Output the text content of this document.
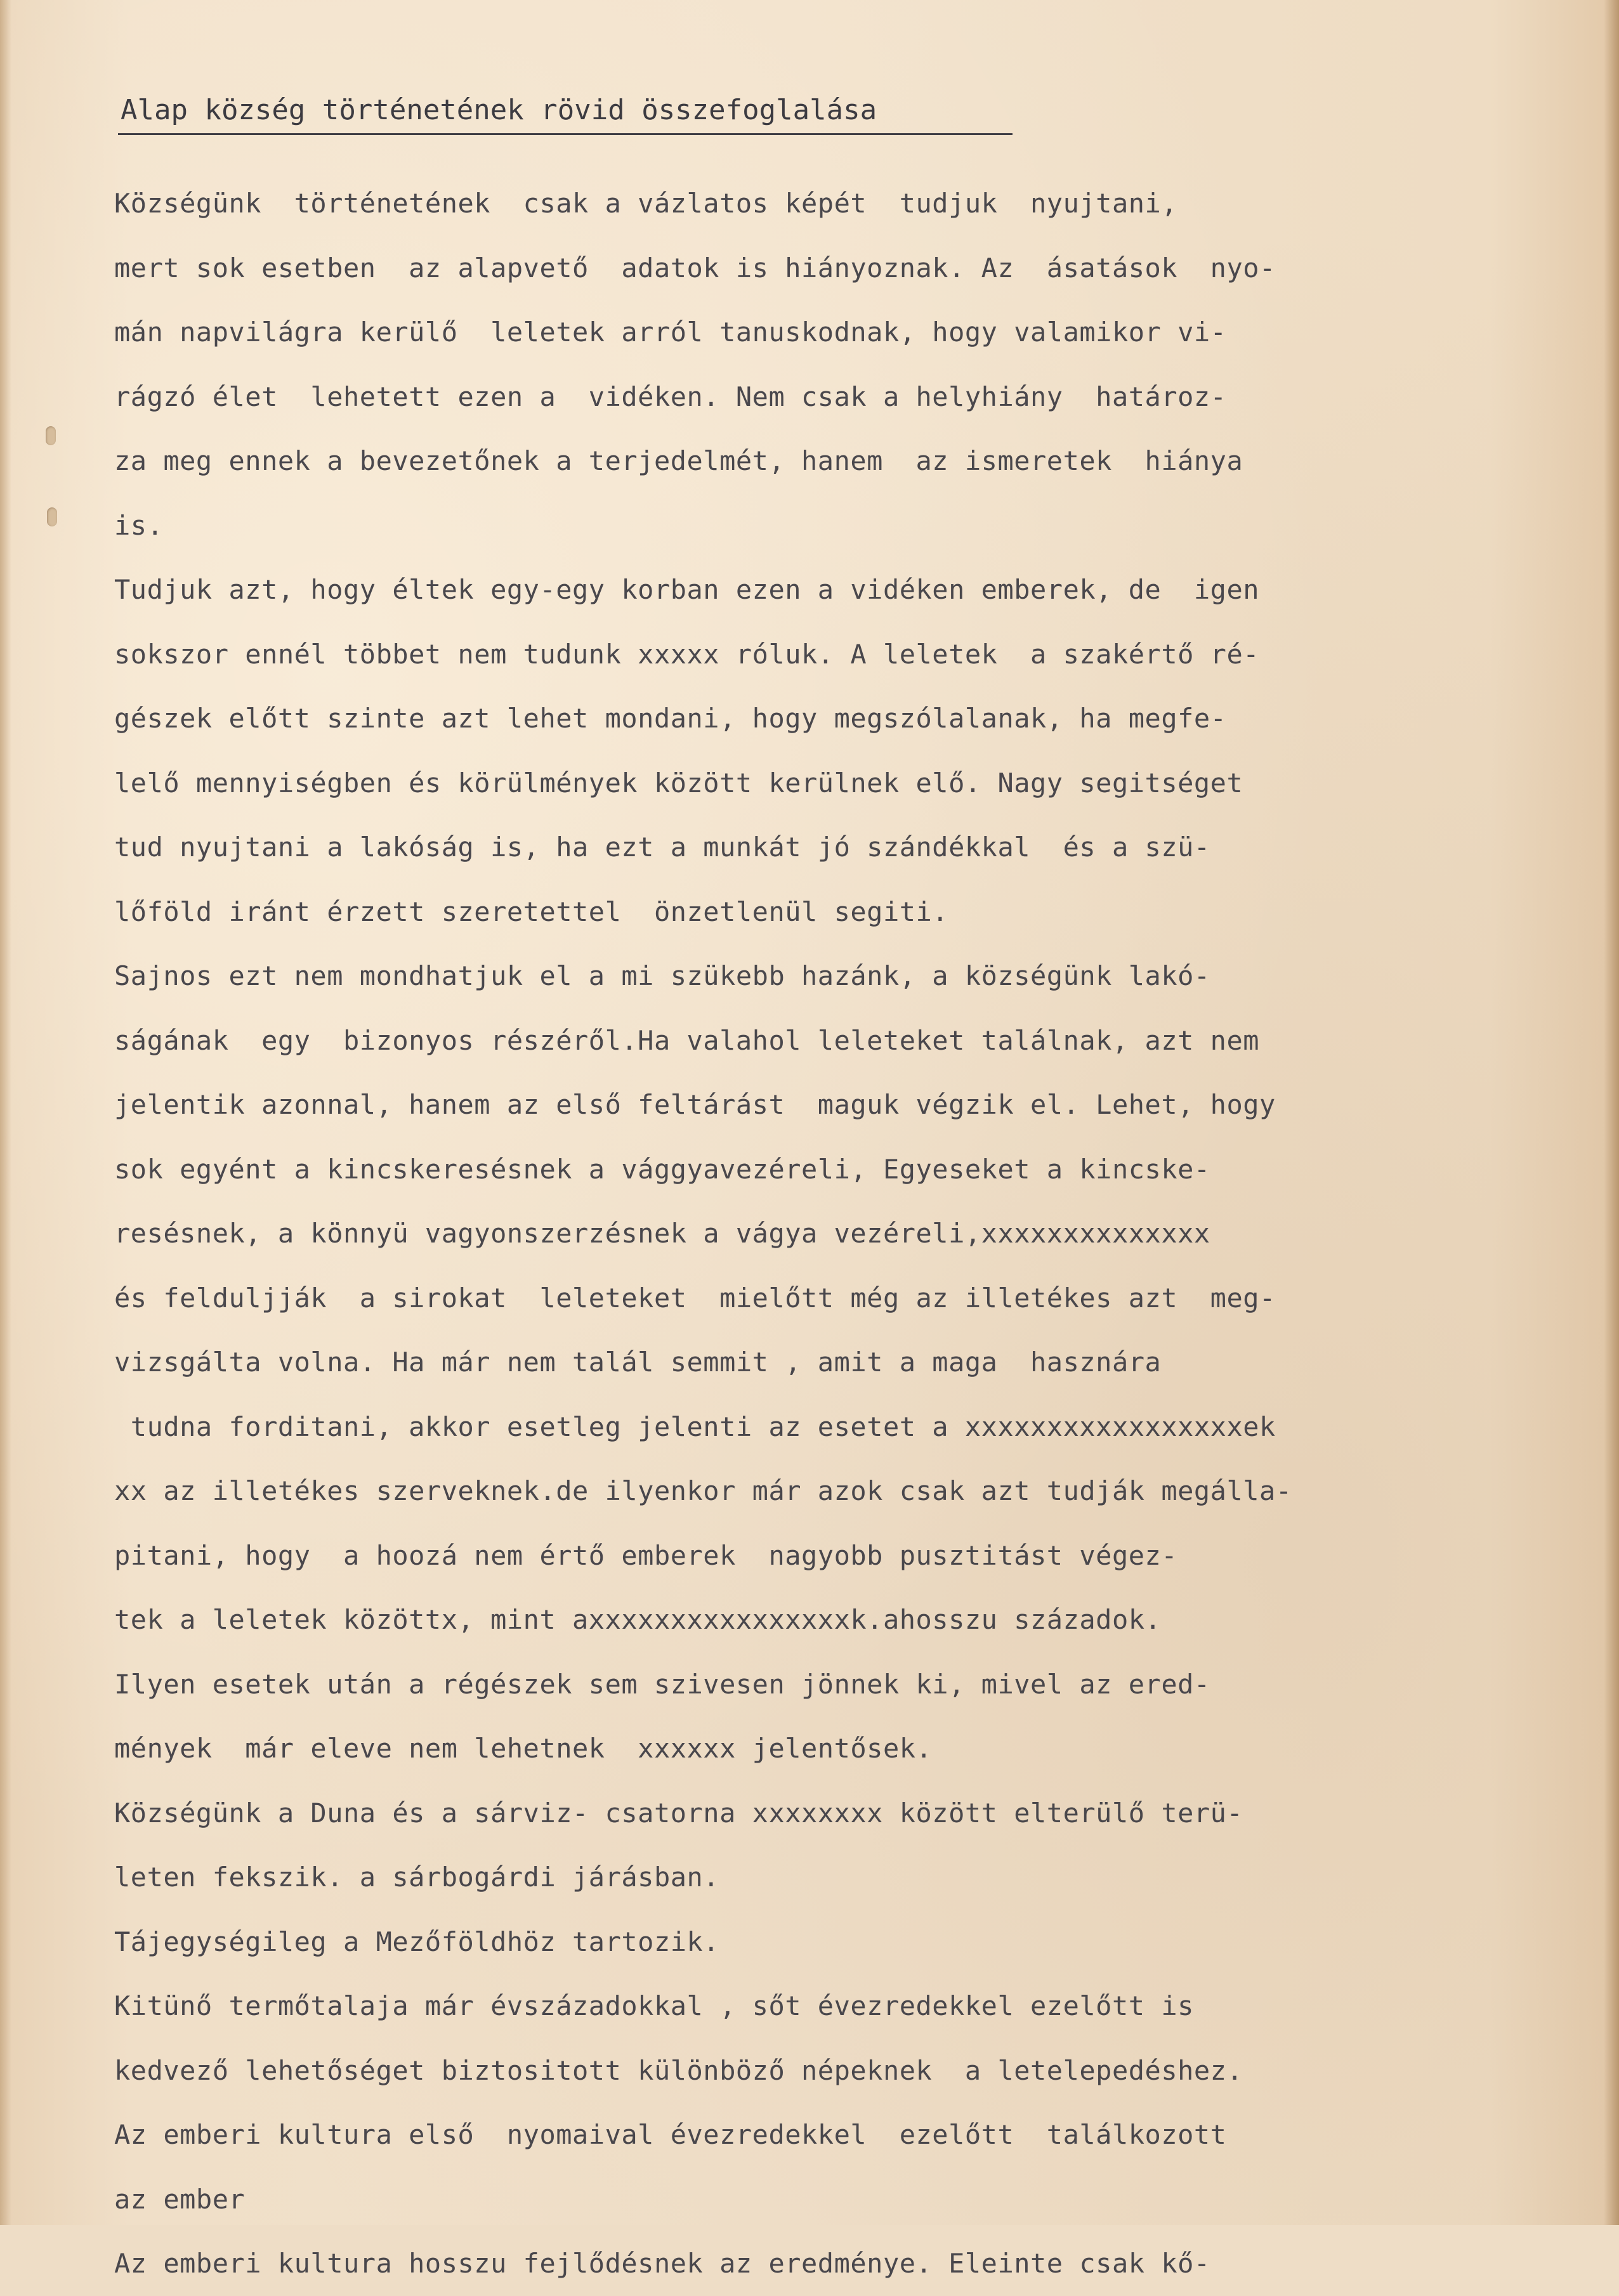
Alap község történetének rövid összefoglalása
Községünk  történetének  csak a vázlatos képét  tudjuk  nyujtani,
mert sok esetben  az alapvető  adatok is hiányoznak. Az  ásatások  nyo-
mán napvilágra kerülő  leletek arról tanuskodnak, hogy valamikor vi-
rágzó élet  lehetett ezen a  vidéken. Nem csak a helyhiány  határoz-
za meg ennek a bevezetőnek a terjedelmét, hanem  az ismeretek  hiánya
is.
Tudjuk azt, hogy éltek egy-egy korban ezen a vidéken emberek, de  igen
sokszor ennél többet nem tudunk xxxxx róluk. A leletek  a szakértő ré-
gészek előtt szinte azt lehet mondani, hogy megszólalanak, ha megfe-
lelő mennyiségben és körülmények között kerülnek elő. Nagy segitséget
tud nyujtani a lakóság is, ha ezt a munkát jó szándékkal  és a szü-
lőföld iránt érzett szeretettel  önzetlenül segiti.
Sajnos ezt nem mondhatjuk el a mi szükebb hazánk, a községünk lakó-
ságának  egy  bizonyos részéről.Ha valahol leleteket találnak, azt nem
jelentik azonnal, hanem az első feltárást  maguk végzik el. Lehet, hogy
sok egyént a kincskeresésnek a vággyavezéreli, Egyeseket a kincske-
resésnek, a könnyü vagyonszerzésnek a vágya vezéreli,xxxxxxxxxxxxxx
és felduljják  a sirokat  leleteket  mielőtt még az illetékes azt  meg-
vizsgálta volna. Ha már nem talál semmit , amit a maga  hasznára
tudna forditani, akkor esetleg jelenti az esetet a xxxxxxxxxxxxxxxxxek
xx az illetékes szerveknek.de ilyenkor már azok csak azt tudják megálla-
pitani, hogy  a hoozá nem értő emberek  nagyobb pusztitást végez-
tek a leletek közöttx, mint axxxxxxxxxxxxxxxxk.ahosszu századok.
Ilyen esetek után a régészek sem szivesen jönnek ki, mivel az ered-
mények  már eleve nem lehetnek  xxxxxx jelentősek.
Községünk a Duna és a sárviz- csatorna xxxxxxxx között elterülő terü-
leten fekszik. a sárbogárdi járásban.
Tájegységileg a Mezőföldhöz tartozik.
Kitünő termőtalaja már évszázadokkal , sőt évezredekkel ezelőtt is
kedvező lehetőséget biztositott különböző népeknek  a letelepedéshez.
Az emberi kultura első  nyomaival évezredekkel  ezelőtt  találkozott
az ember
Az emberi kultura hosszu fejlődésnek az eredménye. Eleinte csak kő-
